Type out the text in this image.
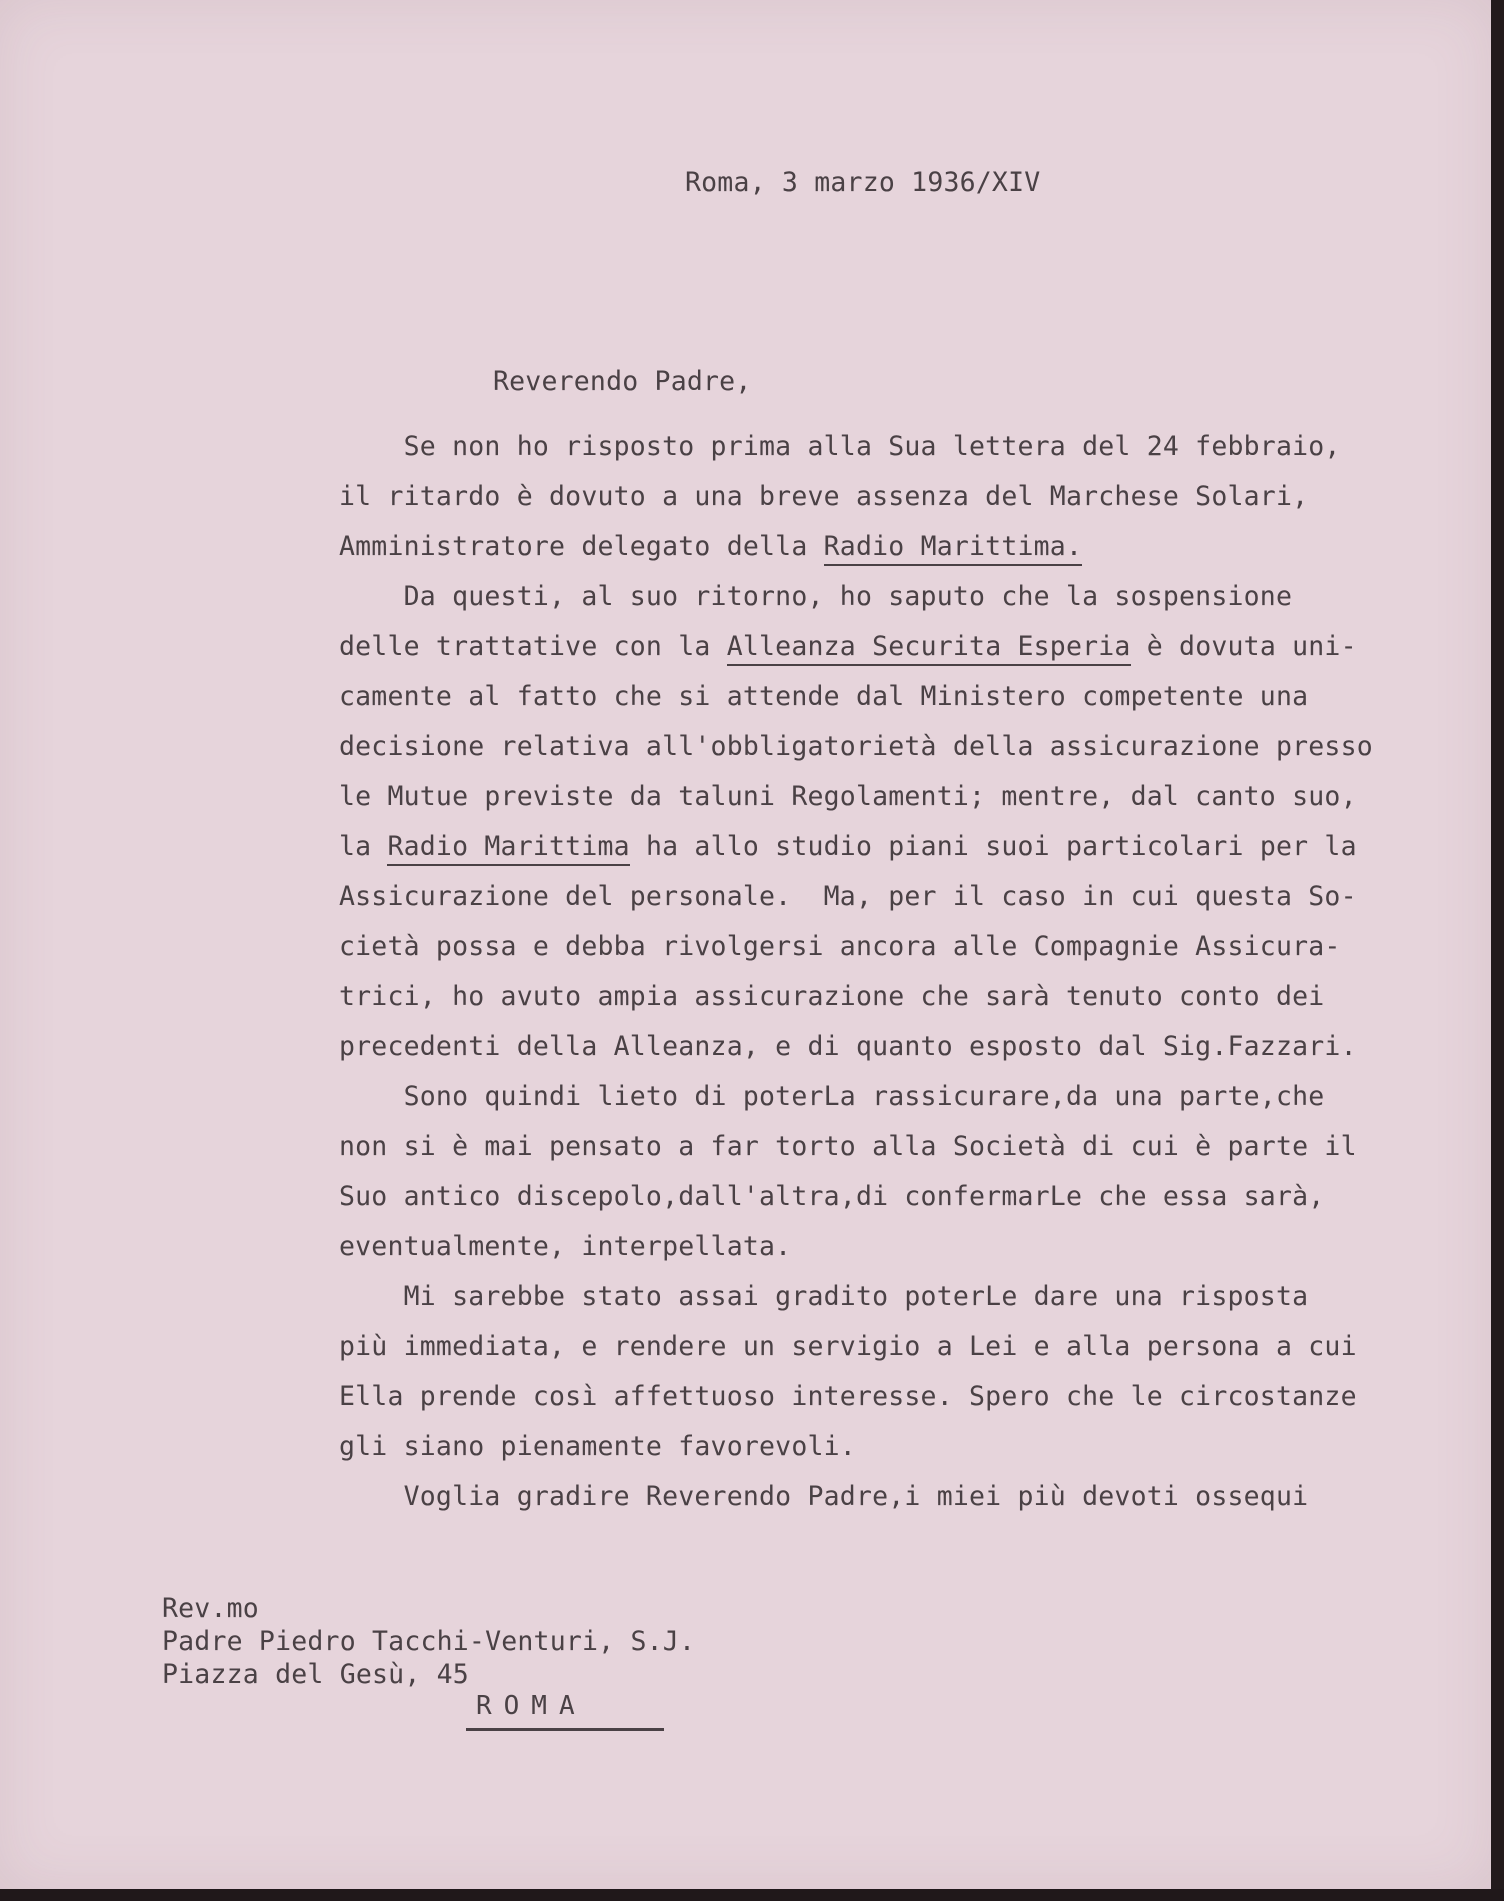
Roma, 3 marzo 1936/XIV
Reverendo Padre,
Se non ho risposto prima alla Sua lettera del 24 febbraio,
il ritardo è dovuto a una breve assenza del Marchese Solari,
Amministratore delegato della Radio Marittima.
Da questi, al suo ritorno, ho saputo che la sospensione
delle trattative con la Alleanza Securita Esperia è dovuta uni-
camente al fatto che si attende dal Ministero competente una
decisione relativa all'obbligatorietà della assicurazione presso
le Mutue previste da taluni Regolamenti; mentre, dal canto suo,
la Radio Marittima ha allo studio piani suoi particolari per la
Assicurazione del personale.  Ma, per il caso in cui questa So-
cietà possa e debba rivolgersi ancora alle Compagnie Assicura-
trici, ho avuto ampia assicurazione che sarà tenuto conto dei
precedenti della Alleanza, e di quanto esposto dal Sig.Fazzari.
Sono quindi lieto di poterLa rassicurare,da una parte,che
non si è mai pensato a far torto alla Società di cui è parte il
Suo antico discepolo,dall'altra,di confermarLe che essa sarà,
eventualmente, interpellata.
Mi sarebbe stato assai gradito poterLe dare una risposta
più immediata, e rendere un servigio a Lei e alla persona a cui
Ella prende così affettuoso interesse. Spero che le circostanze
gli siano pienamente favorevoli.
Voglia gradire Reverendo Padre,i miei più devoti ossequi
Rev.mo
Padre Piedro Tacchi-Venturi, S.J.
Piazza del Gesù, 45
ROMA
